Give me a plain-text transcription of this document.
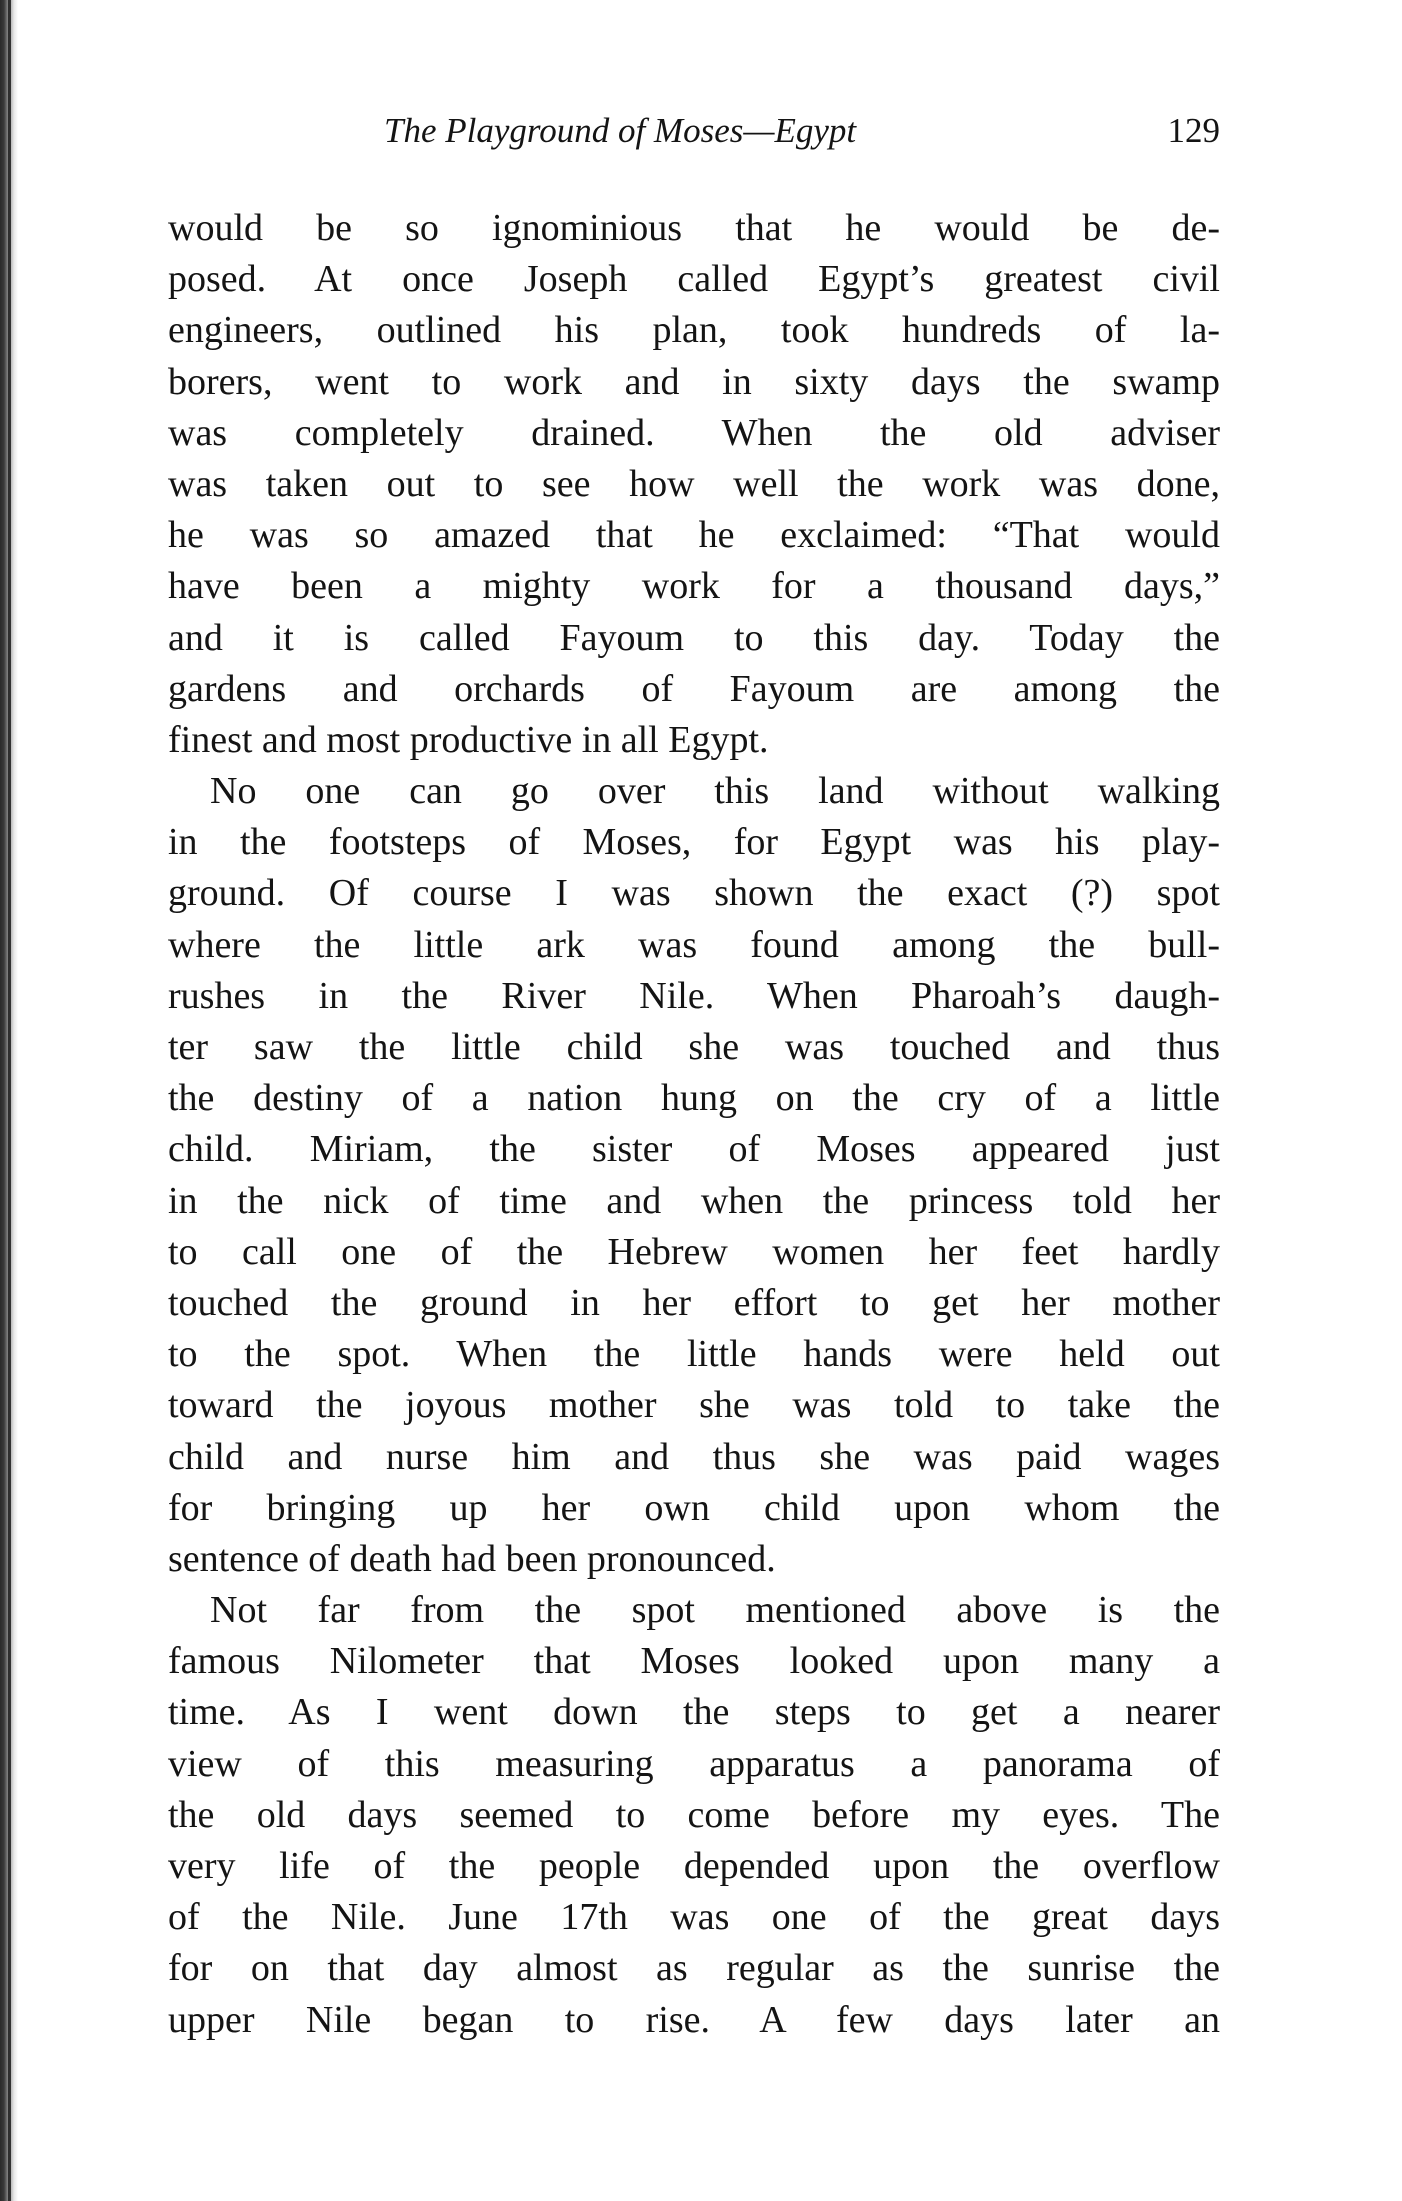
The Playground of Moses—Egypt	129
would be so ignominious that he would be de-
posed. At once Joseph called Egypt’s greatest civil
engineers, outlined his plan, took hundreds of la-
borers, went to work and in sixty days the swamp
was completely drained. When the old adviser
was taken out to see how well the work was done,
he was so amazed that he exclaimed: “That would
have been a mighty work for a thousand days,”
and it is called Fayoum to this day. Today the
gardens and orchards of Fayoum are among the
finest and most productive in all Egypt.
No one can go over this land without walking
in the footsteps of Moses, for Egypt was his play-
ground. Of course I was shown the exact (?) spot
where the little ark was found among the bull-
rushes in the River Nile. When Pharoah’s daugh-
ter saw the little child she was touched and thus
the destiny of a nation hung on the cry of a little
child. Miriam, the sister of Moses appeared just
in the nick of time and when the princess told her
to call one of the Hebrew women her feet hardly
touched the ground in her effort to get her mother
to the spot. When the little hands were held out
toward the joyous mother she was told to take the
child and nurse him and thus she was paid wages
for bringing up her own child upon whom the
sentence of death had been pronounced.
Not far from the spot mentioned above is the
famous Nilometer that Moses looked upon many a
time. As I went down the steps to get a nearer
view of this measuring apparatus a panorama of
the old days seemed to come before my eyes. The
very life of the people depended upon the overflow
of the Nile. June 17th was one of the great days
for on that day almost as regular as the sunrise the
upper Nile began to rise. A few days later an
